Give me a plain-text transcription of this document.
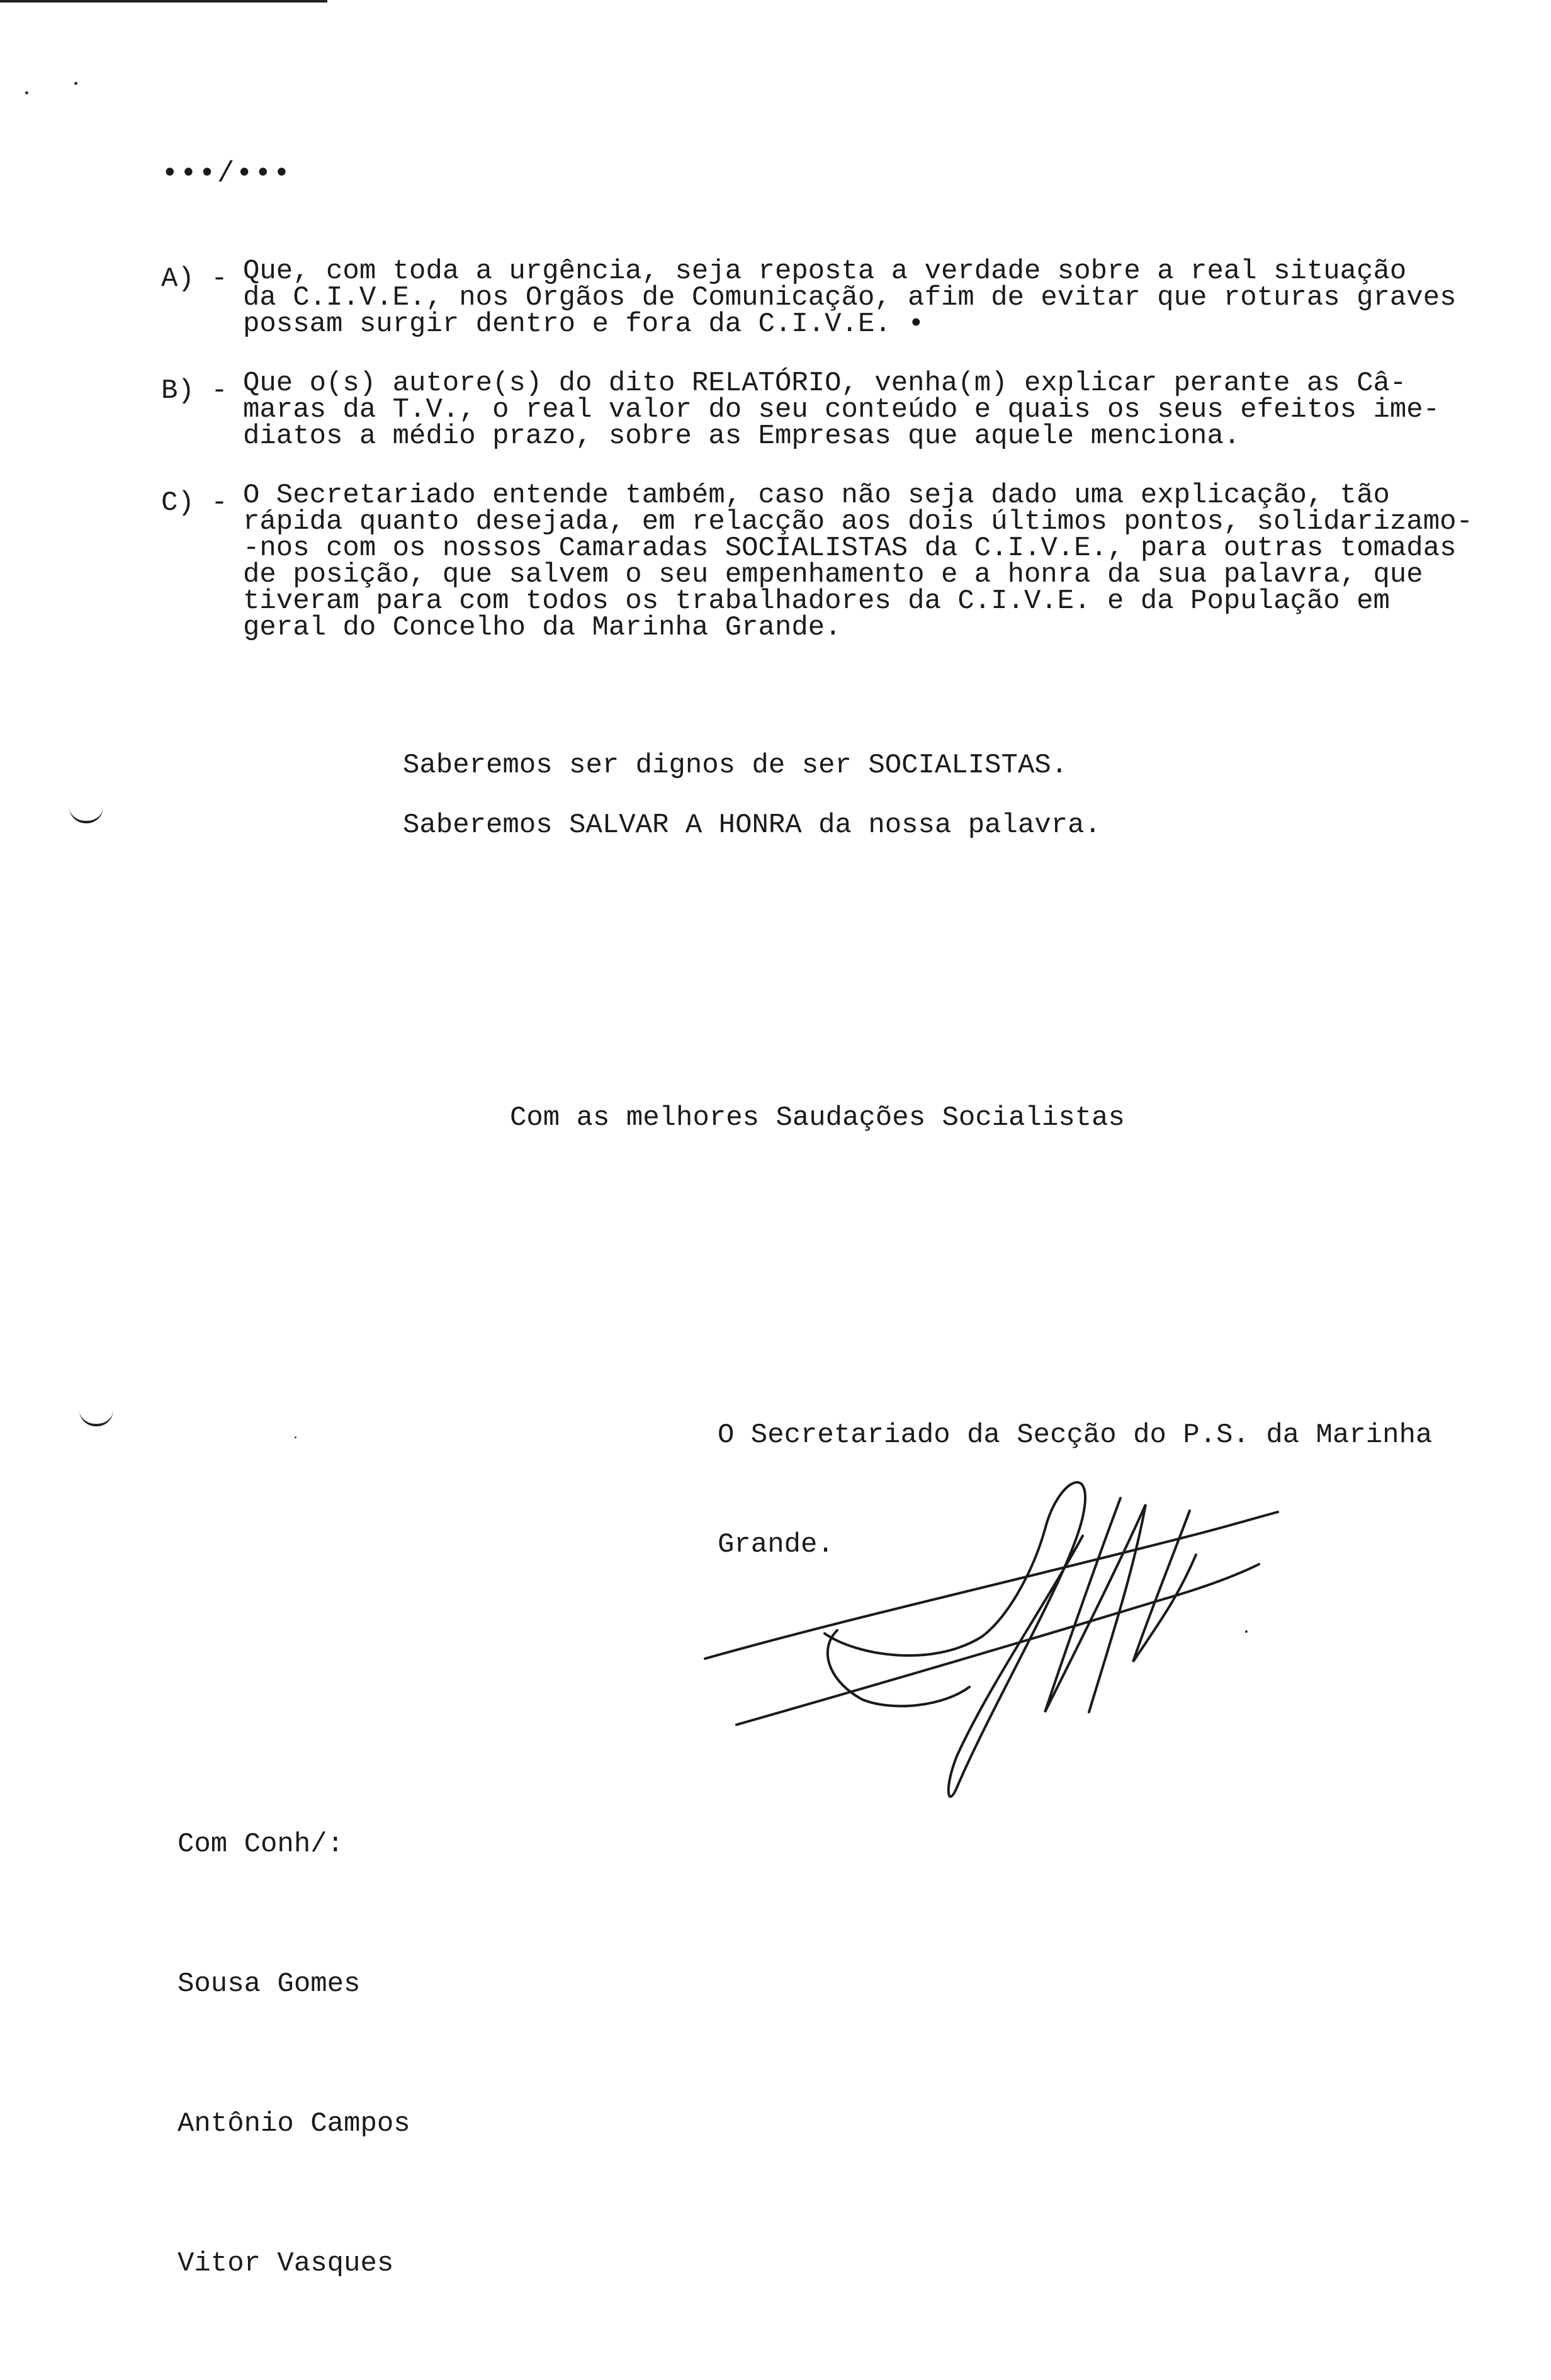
•••/•••
A) - Que, com toda a urgência, seja reposta a verdade sobre a real situação
da C.I.V.E., nos Orgãos de Comunicação, afim de evitar que roturas graves
possam surgir dentro e fora da C.I.V.E. •
B) - Que o(s) autore(s) do dito RELATÓRIO, venha(m) explicar perante as Câ-
maras da T.V., o real valor do seu conteúdo e quais os seus efeitos ime-
diatos a médio prazo, sobre as Empresas que aquele menciona.
C) - O Secretariado entende também, caso não seja dado uma explicação, tão
rápida quanto desejada, em relacção aos dois últimos pontos, solidarizamo-
-nos com os nossos Camaradas SOCIALISTAS da C.I.V.E., para outras tomadas
de posição, que salvem o seu empenhamento e a honra da sua palavra, que
tiveram para com todos os trabalhadores da C.I.V.E. e da População em
geral do Concelho da Marinha Grande.
Saberemos ser dignos de ser SOCIALISTAS.
Saberemos SALVAR A HONRA da nossa palavra.
Com as melhores Saudações Socialistas

O Secretariado da Secção do P.S. da Marinha

Grande.

Com Conh/:

Sousa Gomes

Antônio Campos

Vitor Vasques
